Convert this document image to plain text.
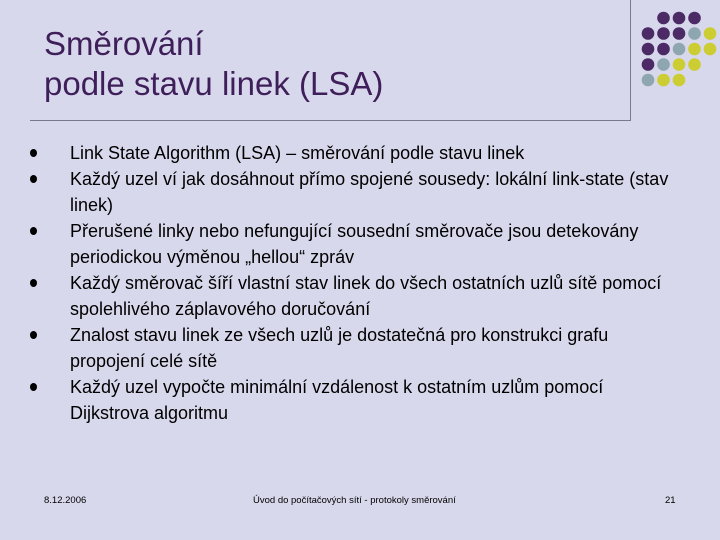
Směrování
podle stavu linek (LSA)
Link State Algorithm (LSA) – směrování podle stavu linek
Každý uzel ví jak dosáhnout přímo spojené sousedy: lokální link-state (stav linek)
Přerušené linky nebo nefungující sousední směrovače jsou detekovány periodickou výměnou „hellou“ zpráv
Každý směrovač šíří vlastní stav linek do všech ostatních uzlů sítě pomocí spolehlivého záplavového doručování
Znalost stavu linek ze všech uzlů je dostatečná pro konstrukci grafu propojení celé sítě
Každý uzel vypočte minimální vzdálenost k ostatním uzlům pomocí Dijkstrova algoritmu
8.12.2006	Úvod do počítačových sítí - protokoly směrování	21
